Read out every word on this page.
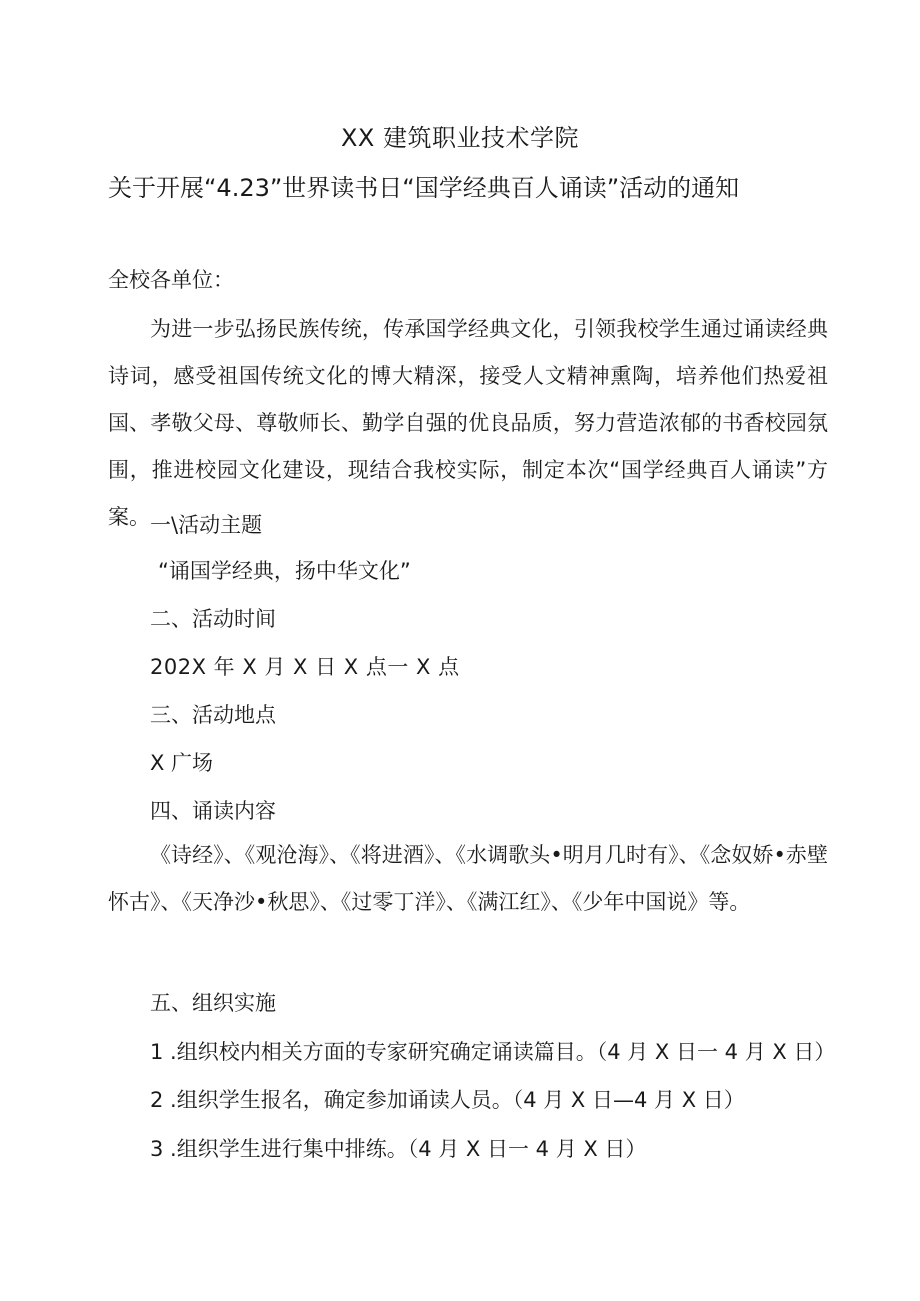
XX 建筑职业技术学院
关于开展“4.23”世界读书日“国学经典百人诵读”活动的通知
全校各单位：
为进一步弘扬民族传统，传承国学经典文化，引领我校学生通过诵读经典诗词，感受祖国传统文化的博大精深，接受人文精神熏陶，培养他们热爱祖国、孝敬父母、尊敬师长、勤学自强的优良品质，努力营造浓郁的书香校园氛围，推进校园文化建设，现结合我校实际，制定本次“国学经典百人诵读”方案。 一\活动主题
“诵国学经典，扬中华文化”
二、活动时间
202X 年 X 月 X 日 X 点一 X 点
三、活动地点
X 广场
四、诵读内容
《诗经》、《观沧海》、《将进酒》、《水调歌头•明月几时有》、《念奴娇•赤壁怀古》、《天净沙•秋思》、《过零丁洋》、《满江红》、《少年中国说》等。
五、组织实施
1 .组织校内相关方面的专家研究确定诵读篇目。（4 月 X 日一 4 月 X 日）
2 .组织学生报名，确定参加诵读人员。（4 月 X 日—4 月 X 日）
3 .组织学生进行集中排练。（4 月 X 日一 4 月 X 日）
